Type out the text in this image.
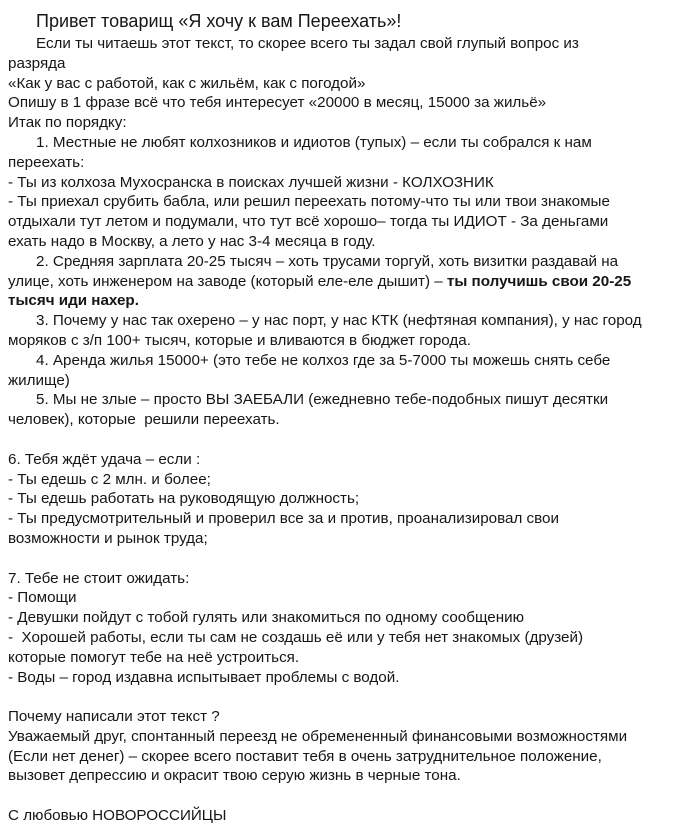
Привет товарищ «Я хочу к вам Переехать»!
Если ты читаешь этот текст, то скорее всего ты задал свой глупый вопрос из
разряда
«Как у вас с работой, как с жильём, как с погодой»
Опишу в 1 фразе всё что тебя интересует «20000 в месяц, 15000 за жильё»
Итак по порядку:
1. Местные не любят колхозников и идиотов (тупых) – если ты собрался к нам
переехать:
- Ты из колхоза Мухосранска в поисках лучшей жизни - КОЛХОЗНИК
- Ты приехал срубить бабла, или решил переехать потому-что ты или твои знакомые
отдыхали тут летом и подумали, что тут всё хорошо– тогда ты ИДИОТ - За деньгами
ехать надо в Москву, а лето у нас 3-4 месяца в году.
2. Средняя зарплата 20-25 тысяч – хоть трусами торгуй, хоть визитки раздавай на
улице, хоть инженером на заводе (который еле-еле дышит) – ты получишь свои 20-25
тысяч иди нахер.
3. Почему у нас так охерено – у нас порт, у нас КТК (нефтяная компания), у нас город
моряков с з/п 100+ тысяч, которые и вливаются в бюджет города.
4. Аренда жилья 15000+ (это тебе не колхоз где за 5-7000 ты можешь снять себе
жилище)
5. Мы не злые – просто ВЫ ЗАЕБАЛИ (ежедневно тебе-подобных пишут десятки
человек), которые  решили переехать.
6. Тебя ждёт удача – если :
- Ты едешь с 2 млн. и более;
- Ты едешь работать на руководящую должность;
- Ты предусмотрительный и проверил все за и против, проанализировал свои
возможности и рынок труда;
7. Тебе не стоит ожидать:
- Помощи
- Девушки пойдут с тобой гулять или знакомиться по одному сообщению
-  Хорошей работы, если ты сам не создашь её или у тебя нет знакомых (друзей)
которые помогут тебе на неё устроиться.
- Воды – город издавна испытывает проблемы с водой.
Почему написали этот текст ?
Уважаемый друг, спонтанный переезд не обремененный финансовыми возможностями
(Если нет денег) – скорее всего поставит тебя в очень затруднительное положение,
вызовет депрессию и окрасит твою серую жизнь в черные тона.
С любовью НОВОРОССИЙЦЫ
